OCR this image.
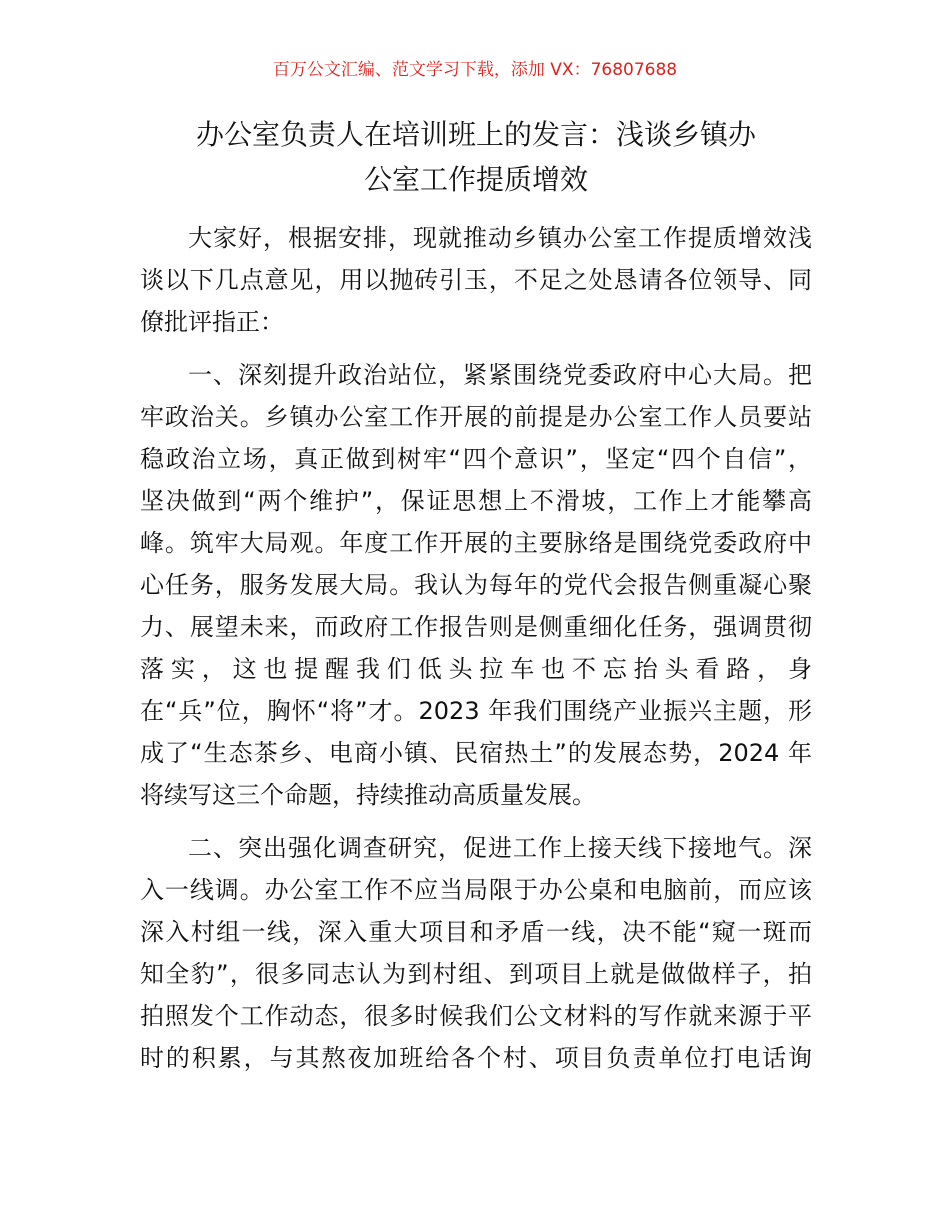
百万公文汇编、范文学习下载，添加 VX：76807688
办公室负责人在培训班上的发言：浅谈乡镇办
公室工作提质增效
大家好，根据安排，现就推动乡镇办公室工作提质增效浅
谈以下几点意见，用以抛砖引玉，不足之处恳请各位领导、同
僚批评指正：
一、深刻提升政治站位，紧紧围绕党委政府中心大局。把
牢政治关。乡镇办公室工作开展的前提是办公室工作人员要站
稳政治立场，真正做到树牢“四个意识”，坚定“四个自信”，
坚决做到“两个维护”，保证思想上不滑坡，工作上才能攀高
峰。筑牢大局观。年度工作开展的主要脉络是围绕党委政府中
心任务，服务发展大局。我认为每年的党代会报告侧重凝心聚
力、展望未来，而政府工作报告则是侧重细化任务，强调贯彻
落实，这也提醒我们低头拉车也不忘抬头看路，身
在“兵”位，胸怀“将”才。2023 年我们围绕产业振兴主题，形
成了“生态茶乡、电商小镇、民宿热土”的发展态势，2024 年
将续写这三个命题，持续推动高质量发展。
二、突出强化调查研究，促进工作上接天线下接地气。深
入一线调。办公室工作不应当局限于办公桌和电脑前，而应该
深入村组一线，深入重大项目和矛盾一线，决不能“窥一斑而
知全豹”，很多同志认为到村组、到项目上就是做做样子，拍
拍照发个工作动态，很多时候我们公文材料的写作就来源于平
时的积累，与其熬夜加班给各个村、项目负责单位打电话询
